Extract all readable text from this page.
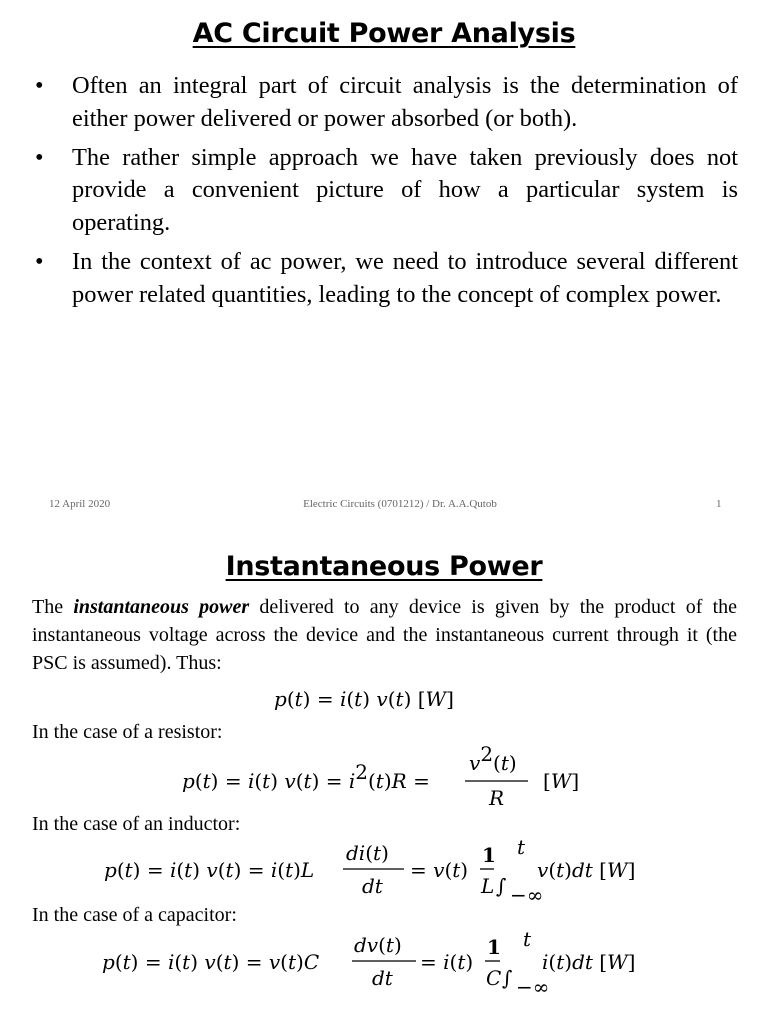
AC Circuit Power Analysis
• Often an integral part of circuit analysis is the determination of either power delivered or power absorbed (or both).
• The rather simple approach we have taken previously does not provide a convenient picture of how a particular system is operating.
• In the context of ac power, we need to introduce several different power related quantities, leading to the concept of complex power.
12 April 2020	Electric Circuits (0701212) / Dr. A.A.Qutob	1
Instantaneous Power
The instantaneous power delivered to any device is given by the product of the instantaneous voltage across the device and the instantaneous current through it (the PSC is assumed). Thus:
p(t) = i(t) v(t) [W]
In the case of a resistor:
p(t) = i(t) v(t) = i2(t)R =
v2(t)
R
[W]
In the case of an inductor:
p(t) = i(t) v(t) = i(t)L
di(t)
dt
= v(t)
1
L ∫
t
−∞
v(t)dt [W]
In the case of a capacitor:
p(t) = i(t) v(t) = v(t)C
dv(t)
dt
= i(t)
1
C ∫
t
−∞
i(t)dt [W]
